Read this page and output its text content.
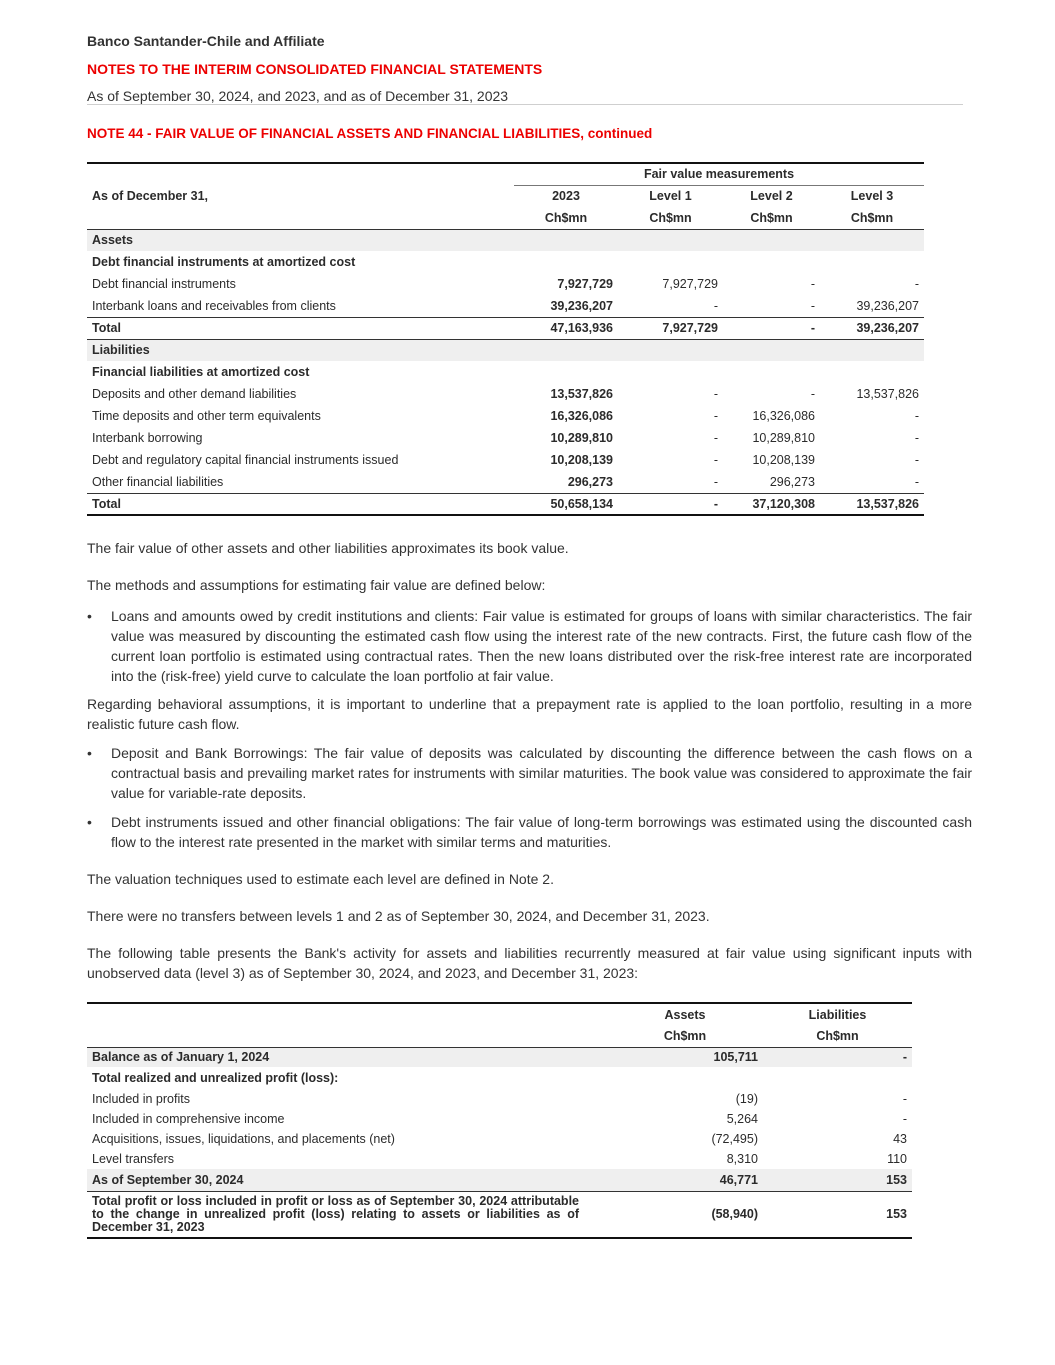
Banco Santander-Chile and Affiliate
NOTES TO THE INTERIM CONSOLIDATED FINANCIAL STATEMENTS
As of September 30, 2024, and 2023, and as of December 31, 2023
NOTE 44 - FAIR VALUE OF FINANCIAL ASSETS AND FINANCIAL LIABILITIES, continued
	Fair value measurements			
As of December 31,	2023	Level 1	Level 2	Level 3
	Ch$mn	Ch$mn	Ch$mn	Ch$mn
Assets				
Debt financial instruments at amortized cost				
Debt financial instruments	7,927,729	7,927,729	-	-
Interbank loans and receivables from clients	39,236,207	-	-	39,236,207
Total	47,163,936	7,927,729	-	39,236,207
Liabilities				
Financial liabilities at amortized cost				
Deposits and other demand liabilities	13,537,826	-	-	13,537,826
Time deposits and other term equivalents	16,326,086	-	16,326,086	-
Interbank borrowing	10,289,810	-	10,289,810	-
Debt and regulatory capital financial instruments issued	10,208,139	-	10,208,139	-
Other financial liabilities	296,273	-	296,273	-
Total	50,658,134	-	37,120,308	13,537,826
The fair value of other assets and other liabilities approximates its book value.
The methods and assumptions for estimating fair value are defined below:
• Loans and amounts owed by credit institutions and clients: Fair value is estimated for groups of loans with similar characteristics. The fair value was measured by discounting the estimated cash flow using the interest rate of the new contracts. First, the future cash flow of the current loan portfolio is estimated using contractual rates. Then the new loans distributed over the risk-free interest rate are incorporated into the (risk-free) yield curve to calculate the loan portfolio at fair value.
Regarding behavioral assumptions, it is important to underline that a prepayment rate is applied to the loan portfolio, resulting in a more realistic future cash flow.
• Deposit and Bank Borrowings: The fair value of deposits was calculated by discounting the difference between the cash flows on a contractual basis and prevailing market rates for instruments with similar maturities. The book value was considered to approximate the fair value for variable-rate deposits.
• Debt instruments issued and other financial obligations: The fair value of long-term borrowings was estimated using the discounted cash flow to the interest rate presented in the market with similar terms and maturities.
The valuation techniques used to estimate each level are defined in Note 2.
There were no transfers between levels 1 and 2 as of September 30, 2024, and December 31, 2023.
The following table presents the Bank's activity for assets and liabilities recurrently measured at fair value using significant inputs with unobserved data (level 3) as of September 30, 2024, and 2023, and December 31, 2023:
	Assets	Liabilities
	Ch$mn	Ch$mn
Balance as of January 1, 2024	105,711	-
Total realized and unrealized profit (loss):		
Included in profits	(19)	-
Included in comprehensive income	5,264	-
Acquisitions, issues, liquidations, and placements (net)	(72,495)	43
Level transfers	8,310	110
As of September 30, 2024	46,771	153
Total profit or loss included in profit or loss as of September 30, 2024 attributable to the change in unrealized profit (loss) relating to assets or liabilities as of December 31, 2023	(58,940)	153
